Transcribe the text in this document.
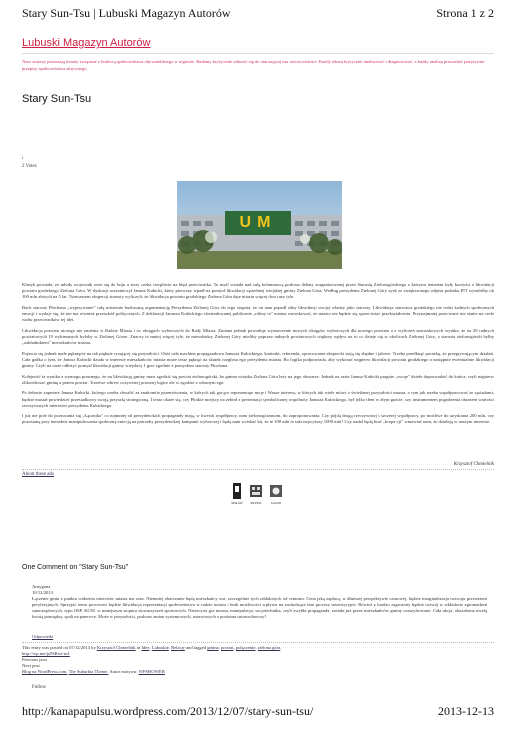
Stary Sun-Tsu | Lubuski Magazyn Autorów	Strona 1 z 2
Lubuski Magazyn Autorów
Nasz autorzy poruszają tematy związane z budową społeczeństwa obywatelskiego w regionie. Badamy krytycznie odnosić się do otaczającej nas rzeczywistości. Każdy tekstu krytyczne-analizować i diagnozować, a każdy analizę prowadzić pozytywne przepisy społeczeństwa aktywnego.
Stary Sun-Tsu
i
2 Votes
UM

Klasyk powiada, że młody wojownik zwie się do boju a stary czeka cierpliwie na błąd przeciwnika. Ta myśl wisiała nad salą kolumnową podczas debaty zorganizowanej przez Starostę Zielonogórskiego z którymi tematem były korzyści z likwidacji powiatu grodzkiego Zielona Góra. W dyskusji uczestniczył Janusz Kubicki, który pierwszy wpadł na pomysł likwidacji sąsiedniej wiejskiej gminy Zielona Góra. Według prezydenta Zielonej Góry zysk ze zwiększonego odpisu podatku PIT wyniósłby ok 100 mln złotych na 5 lat. Tymczasem ekspercji starosty wyliczyli, że likwidacja powiatu grodzkiego Zielona Góra daje miastu więcej dwa razy tyle.

Bach starosty Płochana „wypisywanie" całą misternie budowaną argumentację Prezydenta Zielonej Góry do tego stopnia, że on sam popadł silny likwidacji swojej władzy jako starosty. Likwidacja starostwa grodzkiego nie rodzi żadnych społecznych emocji i wydaje się, że nie ma również przeszkód politycznych. Z deklaracji Janusza Kubickiego sformułowanej publicznie „rólmy to" można wnioskować, że miasto nie będzie się sprzeciwiać przekształceniu. Przynajmniej przeciwnie nie stanie na czele ruchu przeciwników tej idei.

Likwidacja powiatu niczego nie zmienia w Radzie Miasta i tw okręgach wyborczych do Rady Miasta. Zmiana jednak powoduje wyznaczenie nowych okręgów wyborczych dla nowego powiatu a z wyliczeń szacunkowych wynika, że na 29 radnych powiatowych 19 wybieranych byłoby w Zielonej Górze. Znaczy to mniej więcej tyle, że mieszkańcy Zielonej Góry mieliby poprzez radnych powiatowych większy wpływ na to co dzieje się w okolicach Zielonej Góry, a starosta zielonogórski byłby „zakładnikiem" mieszkańców miasta.

Pojawia się jednak małe pęknięcie na tak pięknie rysującej się przyszłości. Otóż cała machina propagandowa Janusza Kubickiego, kontrakt, referenda, opracowania ekspercki stają się zbędne i jałowe. Trzeba przełknąć porażkę, że przegrywającym działań. Cała gadka o tym, że Janusz Kubicki działa w interesie mieszkańców miasta może teraz pęknąć na skutek rozgłosu ego prezydenta miasta. Bo logika podpowiada, aby wykonać najpierw likwidacji powiatu grodzkiego a następnie ewentualnie likwidacji gminy. Czyli na razie odłożyć pomysł likwidacji gminy wiejskiej. I grać zgodnie z pomysłem starosty Płochana.

Kolejność ta wynika z wymogu prawnego, że na likwidację gminy musi zgodzić się powiat zielonogórski, bo gmina wiejska Zielona Góra leży na jego obszarze. Jednak na razie Janusz Kubicki pragnie „swoje" dzieło doprowadzić do końca, czyli najpierw zlikwidować gminę a potem powiat. Trzeźwe wbrew oczywistej prawnej logice ale w zgodzie z własnym ego.

Po debacie zapewne Janusz Kubicki, którego trzeba chwalić za znakomite przemówienia, w których tak gorąco reprezentuje moje i Wasze interesy, w których tak wiele mówi o świetlanej przyszłości miasta, o tym jak trzeba współpracować ze sąsiadami; będzie musiał powiedzieć przesiadkowy swoją przyszłą strategiczną. I teraz okaże się, czy Płotkie miejscy na zebrał z prezentacji symbolicznej wspólnoty Janusza Kubickiego, był tylko tłem w złym guście, czy instrumentem pogodzenia obrazem wartości rzeczywistych interesów prezydenta Kubickiego.

I już nie pole do porzucania się „Łącznika" co najmniej od prezydenckich propagandy mają, w kwestii współpracy, nam zielonogórzanom, do zaproponowania. Czy pójdą drogą rzeczywistej i szczerej współpracy, po możliwe do uzyskania 200 mln, czy pozostaną przy metodzie manipulowania społeczną emocją na potrzeby prezydenckiej kampanii wyborczej i będą nam wciskać kit, że te 100 mln to taki najwyższy 1000 mln? Czy nadal będą brać „krzpa-cji" wmawiać nam, że działają w naszym interesie.

Krzysztof Chmielnik
About these ads
SPRAW	PRZEK	GOOD
One Comment on "Stary Sun-Tsu"
Anrygona
10/12/2013
Łączenie gmin z punktu widzenia interesów miasta ma sens. Niemniej obarczanie będą mieszkańcy wsi, szczególnie tych oddalonych od centrum. Cena jaką zapłacą, w dłuższej perspektywie czasowej, będzie marginalizacja rozwoju przestrzeni peryferyjnych. Sprzyjać temu procesowi będzie likwidacja reprezentacji społeczeństwa w radzie miasta i brak możliwości wpływu na zachodzące tam procesy inwestycyjne. Rówież z bardzo zagrożony będzie rozwój w wkładacie zgromadzeń samorządowych, typu OSP, KGW. w mniejszym stopniu stowarzyszeń sportowych. Niezwyrta gra miasta, manipulacja, socjotechnika, czyli zwykła propaganda, została już przez mieszkańców gminy rozszyfrowane. Cała akcja, okazałoma niczłą kwotą pomiędzy, spali na panewce. Może w przyszłości, podczas zmian systemowych, ustawowych z poziomu ustawodawczy?
Odpowiedz
This entry was posted on 07/12/2013 by Krzysztof Chmielnik in Idee, Lubuskie, Relacje and tagged gmina, powiat, połączenie, zielona góra.
http://wp.me/p29tRwt-m1
Previous post
Next post
Blog na WordPress.com. The Suburbia Theme. Autor motywu: WPSHOWER
Follow
http://kanapapulsu.wordpress.com/2013/12/07/stary-sun-tsu/	2013-12-13
